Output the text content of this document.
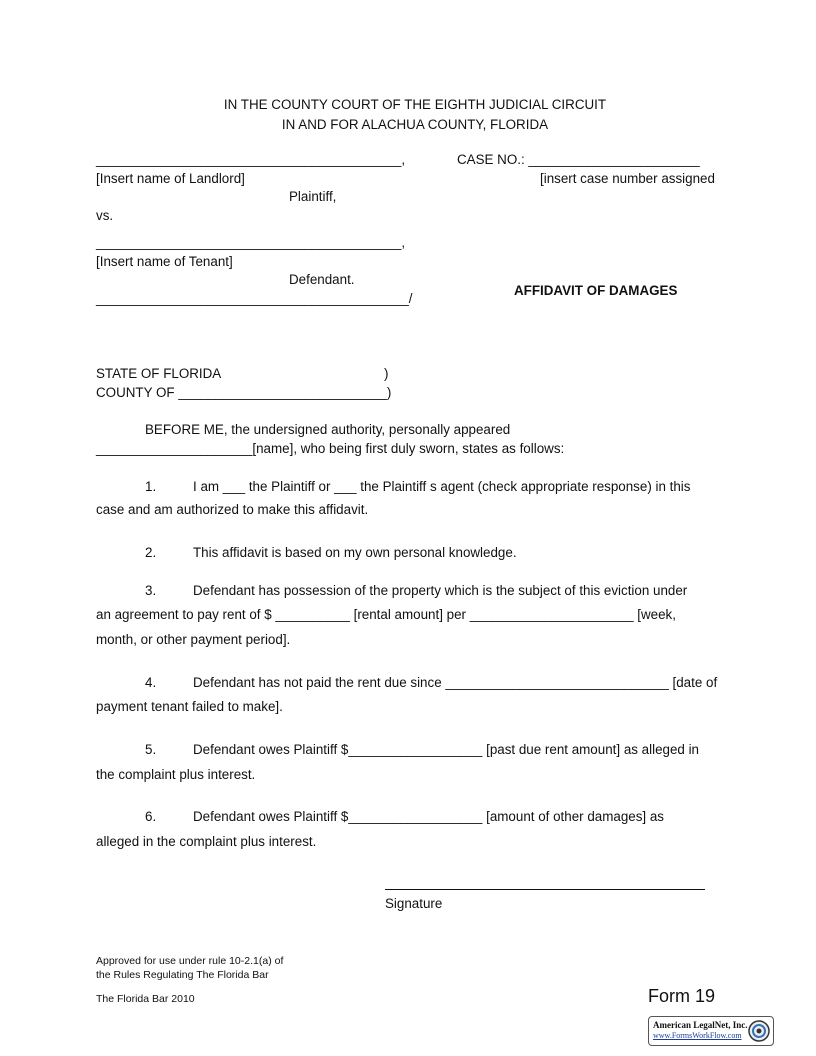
IN THE COUNTY COURT OF THE EIGHTH JUDICIAL CIRCUIT
IN AND FOR ALACHUA COUNTY, FLORIDA
_________________________________________,
[Insert name of Landlord]
Plaintiff,
vs.
_________________________________________,
[Insert name of Tenant]
Defendant.
__________________________________________/
CASE NO.: _______________________
[insert case number assigned
AFFIDAVIT OF DAMAGES
STATE OF FLORIDA	)
COUNTY OF ____________________________)
BEFORE ME, the undersigned authority, personally appeared
_____________________[name], who being first duly sworn, states as follows:
1.	I am ___ the Plaintiff or ___ the Plaintiff s agent (check appropriate response) in this
case and am authorized to make this affidavit.
2.	This affidavit is based on my own personal knowledge.
3.	Defendant has possession of the property which is the subject of this eviction under
an agreement to pay rent of $ __________ [rental amount] per ______________________ [week,
month, or other payment period].
4.	Defendant has not paid the rent due since ______________________________ [date of
payment tenant failed to make].
5.	Defendant owes Plaintiff $__________________ [past due rent amount] as alleged in
the complaint plus interest.
6.	Defendant owes Plaintiff $__________________ [amount of other damages] as
alleged in the complaint plus interest.
Signature
Approved for use under rule 10-2.1(a) of
the Rules Regulating The Florida Bar
The Florida Bar 2010	Form 19
American LegalNet, Inc.
www.FormsWorkFlow.com
